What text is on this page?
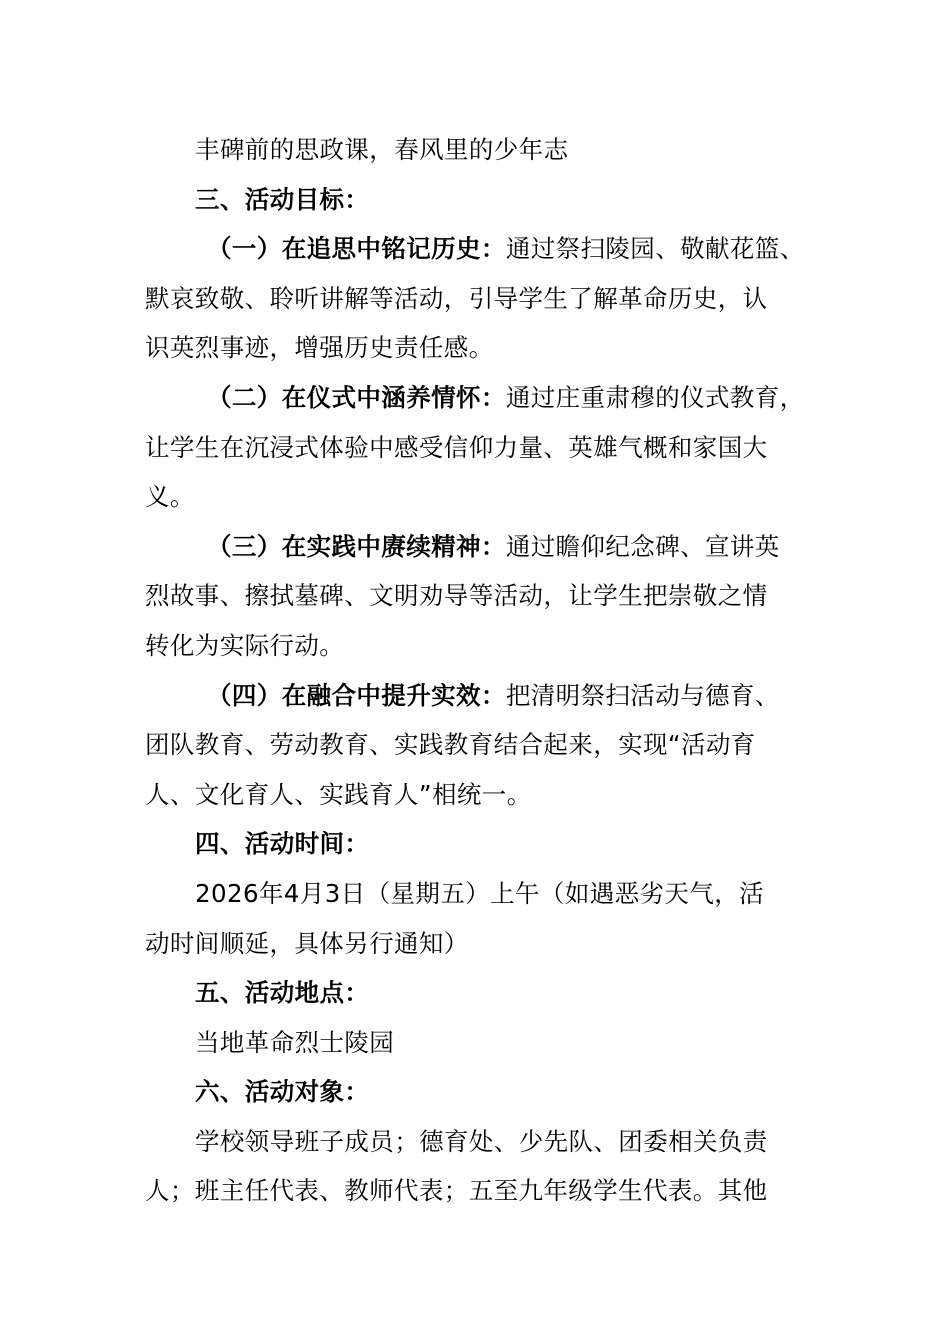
丰碑前的思政课，春风里的少年志
三、活动目标：
（一）在追思中铭记历史：通过祭扫陵园、敬献花篮、
默哀致敬、聆听讲解等活动，引导学生了解革命历史，认
识英烈事迹，增强历史责任感。
（二）在仪式中涵养情怀：通过庄重肃穆的仪式教育，
让学生在沉浸式体验中感受信仰力量、英雄气概和家国大
义。
（三）在实践中赓续精神：通过瞻仰纪念碑、宣讲英
烈故事、擦拭墓碑、文明劝导等活动，让学生把崇敬之情
转化为实际行动。
（四）在融合中提升实效：把清明祭扫活动与德育、
团队教育、劳动教育、实践教育结合起来，实现“活动育
人、文化育人、实践育人”相统一。
四、活动时间：
2026年4月3日（星期五）上午（如遇恶劣天气，活
动时间顺延，具体另行通知）
五、活动地点：
当地革命烈士陵园
六、活动对象：
学校领导班子成员；德育处、少先队、团委相关负责
人；班主任代表、教师代表；五至九年级学生代表。其他
